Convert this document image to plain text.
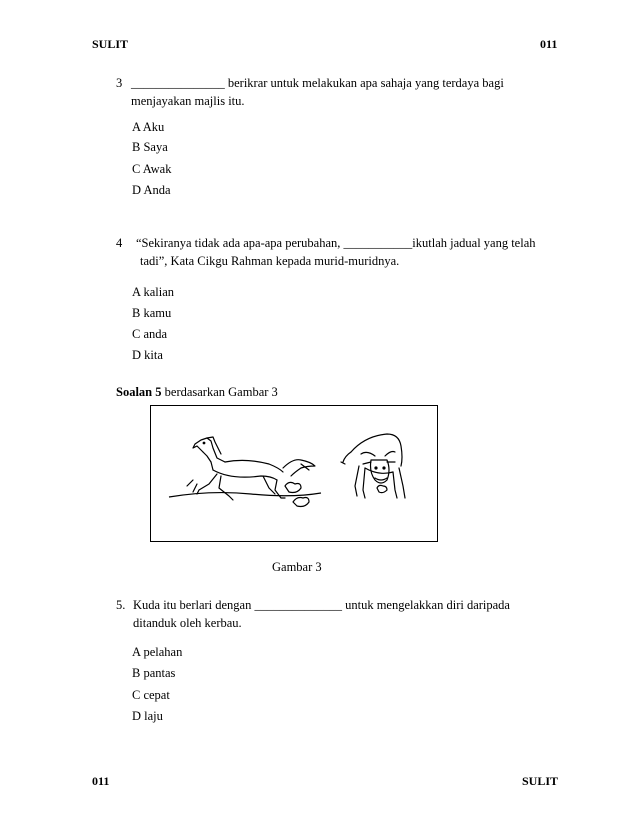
SULIT	011
3 _______________ berikrar untuk melakukan apa sahaja yang terdaya bagi
menjayakan majlis itu.
A Aku
B Saya
C Awak
D Anda
4 “Sekiranya tidak ada apa-apa perubahan, ___________ikutlah jadual yang telah
tadi”, Kata Cikgu Rahman kepada murid-muridnya.
A kalian
B kamu
C anda
D kita
Soalan 5 berdasarkan Gambar 3
Gambar 3
5. Kuda itu berlari dengan ______________ untuk mengelakkan diri daripada
ditanduk oleh kerbau.
A pelahan
B pantas
C cepat
D laju
011	SULIT
